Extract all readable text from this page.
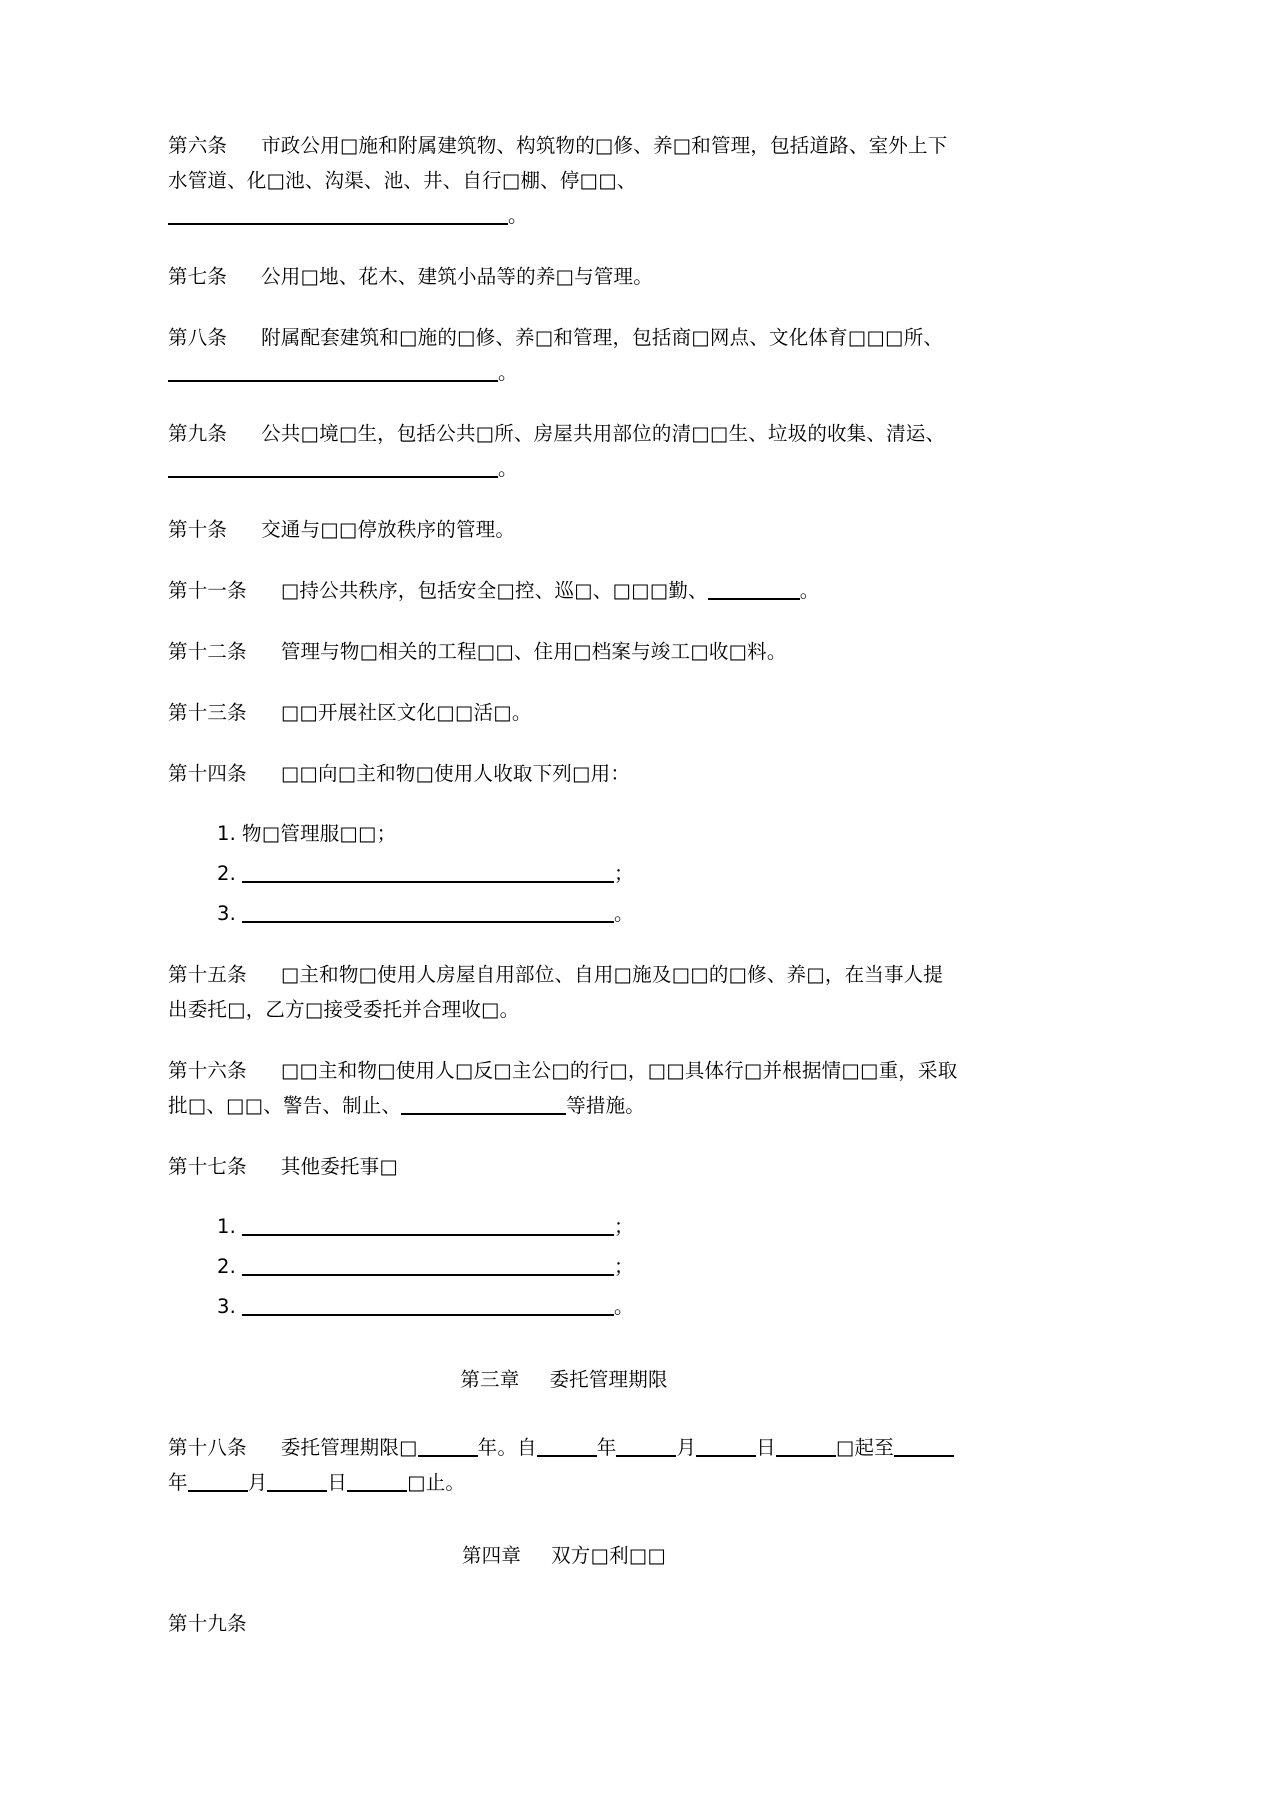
第六条 市政公用□施和附属建筑物、构筑物的□修、养□和管理，包括道路、室外上下水管道、化□池、沟渠、池、井、自行□棚、停□□、。

第七条 公用□地、花木、建筑小品等的养□与管理。

第八条 附属配套建筑和□施的□修、养□和管理，包括商□网点、文化体育□□□所、。

第九条 公共□境□生，包括公共□所、房屋共用部位的清□□生、垃圾的收集、清运、。

第十条 交通与□□停放秩序的管理。

第十一条 □持公共秩序，包括安全□控、巡□、□□□勤、	。

第十二条 管理与物□相关的工程□□、住用□档案与竣工□收□料。

第十三条 □□开展社区文化□□活□。

第十四条 □□向□主和物□使用人收取下列□用：

1. 物□管理服□□；
2.	；
3.	。

第十五条 □主和物□使用人房屋自用部位、自用□施及□□的□修、养□，在当事人提出委托□，乙方□接受委托并合理收□。

第十六条 □□主和物□使用人□反□主公□的行□，□□具体行□并根据情□□重，采取批□、□□、警告、制止、	等措施。

第十七条 其他委托事□

1.	；
2.	；
3.	。
第三章 委托管理期限

第十八条 委托管理期限□	年。自	年	月	日	□起至年	月	日	□止。

第四章 双方□利□□

第十九条
